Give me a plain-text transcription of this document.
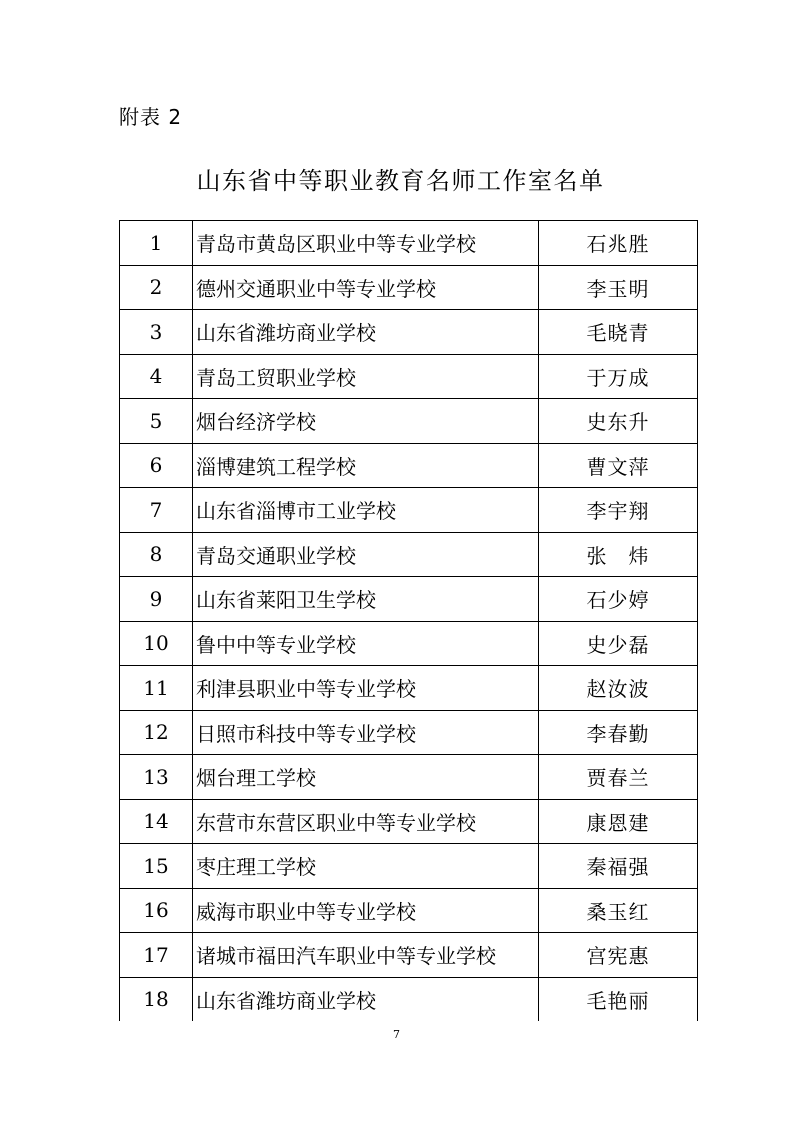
附表 2
山东省中等职业教育名师工作室名单
1	青岛市黄岛区职业中等专业学校	石兆胜
2	德州交通职业中等专业学校	李玉明
3	山东省潍坊商业学校	毛晓青
4	青岛工贸职业学校	于万成
5	烟台经济学校	史东升
6	淄博建筑工程学校	曹文萍
7	山东省淄博市工业学校	李宇翔
8	青岛交通职业学校	张　炜
9	山东省莱阳卫生学校	石少婷
10	鲁中中等专业学校	史少磊
11	利津县职业中等专业学校	赵汝波
12	日照市科技中等专业学校	李春勤
13	烟台理工学校	贾春兰
14	东营市东营区职业中等专业学校	康恩建
15	枣庄理工学校	秦福强
16	威海市职业中等专业学校	桑玉红
17	诸城市福田汽车职业中等专业学校	宫宪惠
18	山东省潍坊商业学校	毛艳丽
7
